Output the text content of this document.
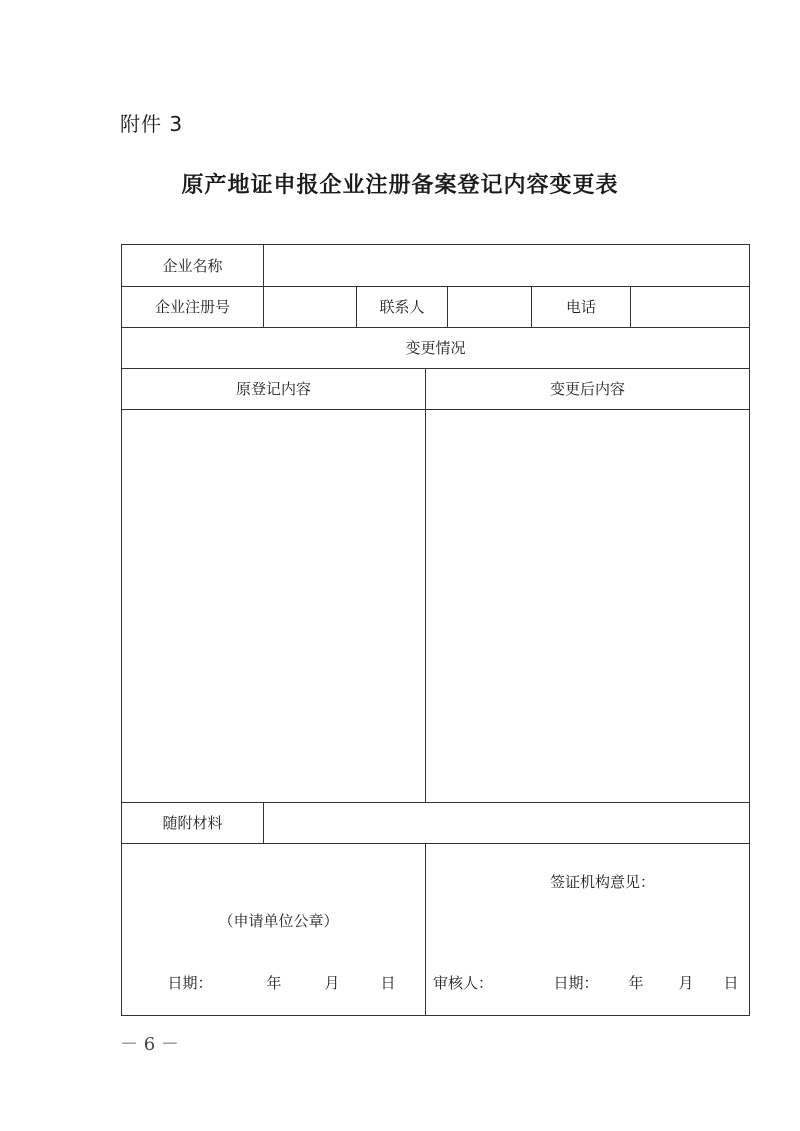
附件 3
原产地证申报企业注册备案登记内容变更表
企业名称
企业注册号	联系人	电话
变更情况
原登记内容	变更后内容
随附材料
（申请单位公章）
日期：	年	月	日
签证机构意见：
审核人：	日期：	年	月	日
－ 6 －
